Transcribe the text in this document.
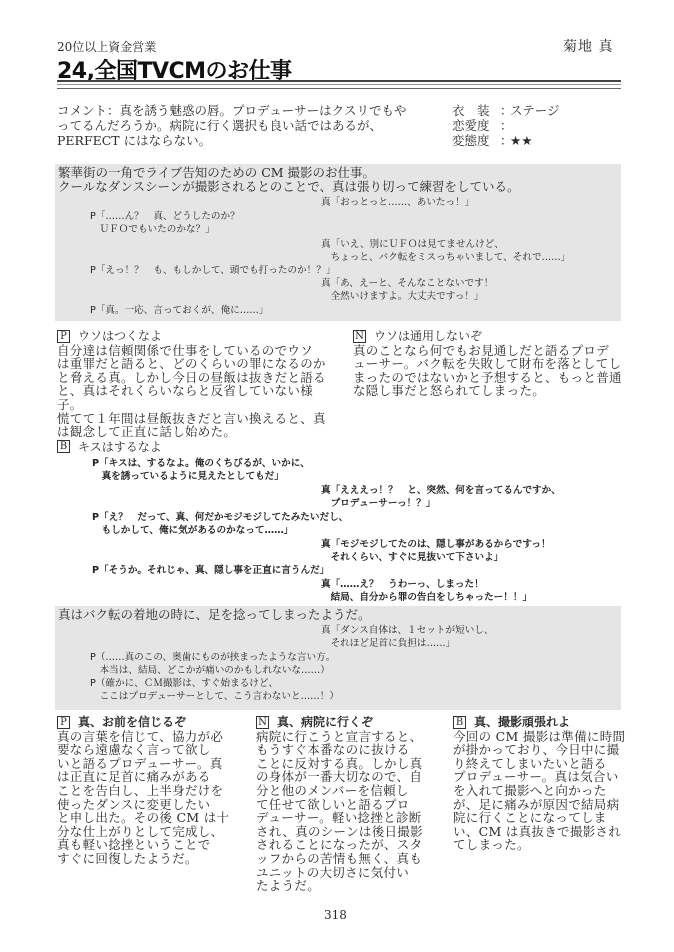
20位以上資金営業	菊地 真
24,全国TVCMのお仕事
コメント：真を誘う魅惑の唇。プロデューサーはクスリでもや
ってるんだろうか。病院に行く選択も良い話ではあるが、
PERFECT にはならない。
衣　装 ：
ステージ
恋愛度 ：
変態度 ：
★★
繁華街の一角でライブ告知のための CM 撮影のお仕事。
クールなダンスシーンが撮影されるとのことで、真は張り切って練習をしている。
真「おっとっと……、あいたっ！」
P「……ん？　真、どうしたのか？
　ＵＦＯでもいたのかな？」
真「いえ、別にＵＦＯは見てませんけど、
　ちょっと、バク転をミスっちゃいまして、それで……」
P「えっ！？　も、もしかして、頭でも打ったのか！？」
真「あ、えーと、そんなことないです！
　全然いけますよ。大丈夫ですっ！」
P「真。一応、言っておくが、俺に……」
P ウソはつくなよ
自分達は信頼関係で仕事をしているのでウソ
は重罪だと語ると、どのくらいの罪になるのか
と脅える真。しかし今日の昼飯は抜きだと語る
と、真はそれくらいならと反省していない様子。
慌てて１年間は昼飯抜きだと言い換えると、真
は観念して正直に話し始めた。
N ウソは通用しないぞ
真のことなら何でもお見通しだと語るプロデ
ューサー。バク転を失敗して財布を落としてし
まったのではないかと予想すると、もっと普通
な隠し事だと怒られてしまった。
B キスはするなよ
P「キスは、するなよ。俺のくちびるが、いかに、
　真を誘っているように見えたとしてもだ」
真「えええっ！？　と、突然、何を言ってるんですか、
　プロデューサーっ！？」
P「え？　だって、真、何だかモジモジしてたみたいだし、
　もしかして、俺に気があるのかなって……」
真「モジモジしてたのは、隠し事があるからですっ！
　それくらい、すぐに見抜いて下さいよ」
P「そうか。それじゃ、真、隠し事を正直に言うんだ」
真「……え？　うわーっ、しまった！
　結局、自分から罪の告白をしちゃったー！！」
真はバク転の着地の時に、足を捻ってしまったようだ。
真「ダンス自体は、１セットが短いし、
　それほど足首に負担は……」
P（……真のこの、奥歯にものが挟まったような言い方。
　本当は、結局、どこかが痛いのかもしれないな……）
P（確かに、ＣＭ撮影は、すぐ始まるけど、
　ここはプロデューサーとして、こう言わないと……！）
P 真、お前を信じるぞ
真の言葉を信じて、協力が必
要なら遠慮なく言って欲し
いと語るプロデューサー。真
は正直に足首に痛みがある
ことを告白し、上半身だけを
使ったダンスに変更したい
と申し出た。その後 CM は十
分な仕上がりとして完成し、
真も軽い捻挫ということで
すぐに回復したようだ。
N 真、病院に行くぞ
病院に行こうと宣言すると、
もうすぐ本番なのに抜ける
ことに反対する真。しかし真
の身体が一番大切なので、自
分と他のメンバーを信頼し
て任せて欲しいと語るプロ
デューサー。軽い捻挫と診断
され、真のシーンは後日撮影
されることになったが、スタ
ッフからの苦情も無く、真も
ユニットの大切さに気付い
たようだ。
B 真、撮影頑張れよ
今回の CM 撮影は準備に時間
が掛かっており、今日中に撮
り終えてしまいたいと語る
プロデューサー。真は気合い
を入れて撮影へと向かった
が、足に痛みが原因で結局病
院に行くことになってしま
い、CM は真抜きで撮影され
てしまった。
318
